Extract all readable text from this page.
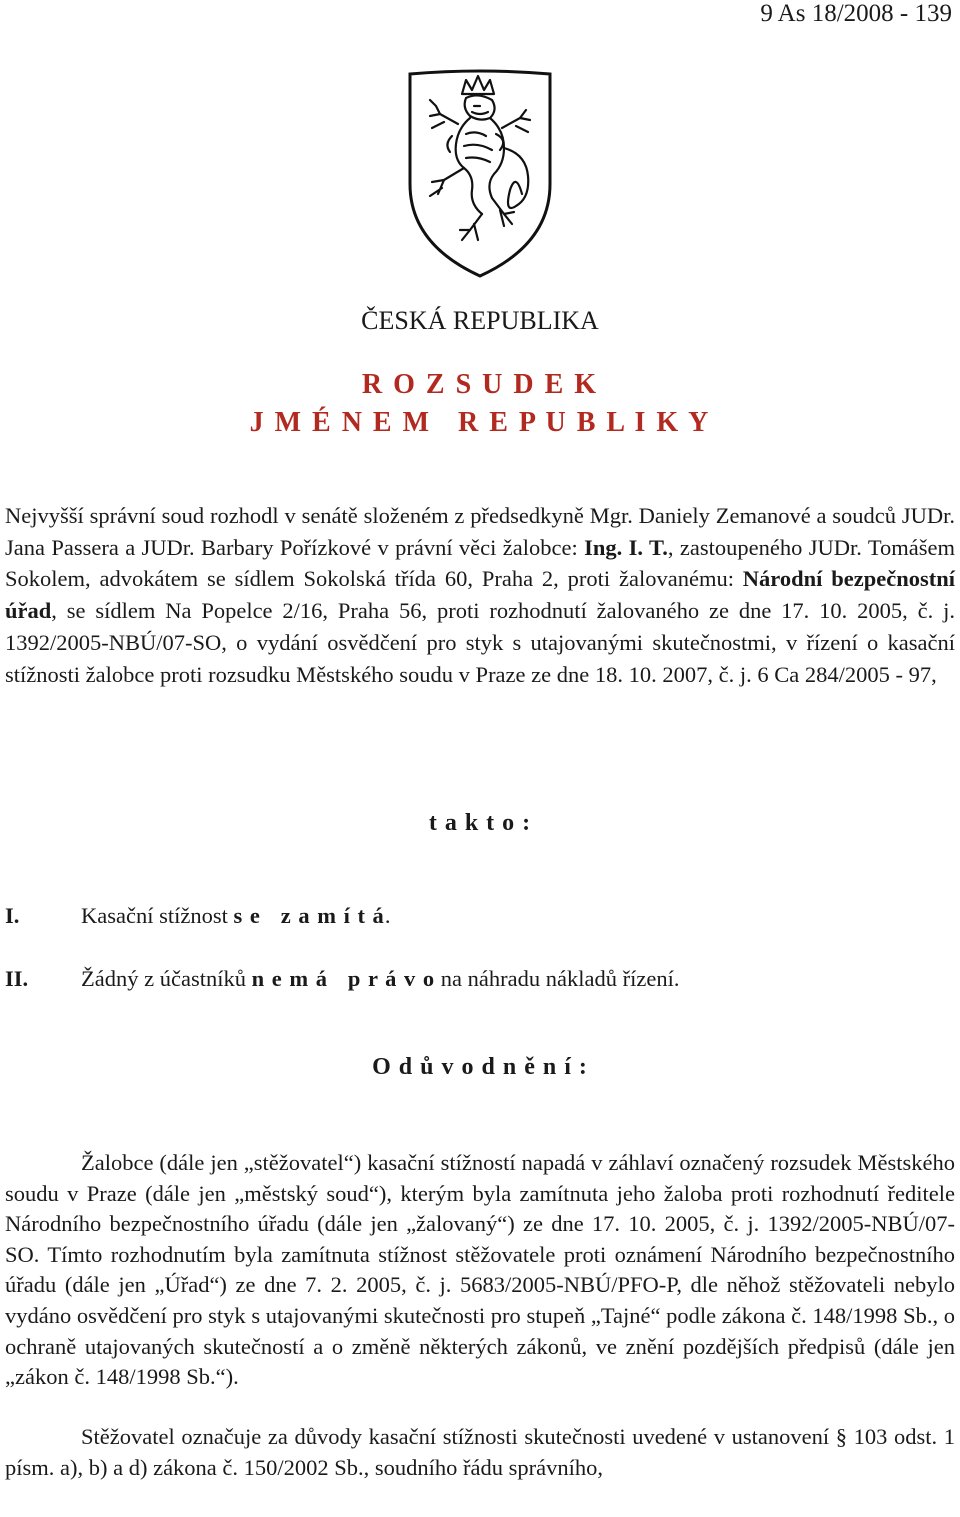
9 As 18/2008 - 139
ČESKÁ REPUBLIKA
R O Z S U D E K
J M É N E M   R E P U B L I K Y
Nejvyšší správní soud rozhodl v senátě složeném z předsedkyně Mgr. Daniely Zemanové a soudců JUDr. Jana Passera a JUDr. Barbary Pořízkové v právní věci žalobce: Ing. I. T., zastoupeného JUDr. Tomášem Sokolem, advokátem se sídlem Sokolská třída 60, Praha 2, proti žalovanému: Národní bezpečnostní úřad, se sídlem Na Popelce 2/16, Praha 56, proti rozhodnutí žalovaného ze dne 17. 10. 2005, č. j. 1392/2005-NBÚ/07-SO, o vydání osvědčení pro styk s utajovanými skutečnostmi, v řízení o kasační stížnosti žalobce proti rozsudku Městského soudu v Praze ze dne 18. 10. 2007, č. j. 6 Ca 284/2005 - 97,
t a k t o :
I.	Kasační stížnost s e   z a m í t á.
II. Žádný z účastníků n e m á   p r á v o na náhradu nákladů řízení.
O d ů v o d n ě n í :
Žalobce (dále jen „stěžovatel“) kasační stížností napadá v záhlaví označený rozsudek Městského soudu v Praze (dále jen „městský soud“), kterým byla zamítnuta jeho žaloba proti rozhodnutí ředitele Národního bezpečnostního úřadu (dále jen „žalovaný“) ze dne 17. 10. 2005, č. j. 1392/2005-NBÚ/07-SO. Tímto rozhodnutím byla zamítnuta stížnost stěžovatele proti oznámení Národního bezpečnostního úřadu (dále jen „Úřad“) ze dne 7. 2. 2005, č. j. 5683/2005-NBÚ/PFO-P, dle něhož stěžovateli nebylo vydáno osvědčení pro styk s utajovanými skutečnosti pro stupeň „Tajné“ podle zákona č. 148/1998 Sb., o ochraně utajovaných skutečností a o změně některých zákonů, ve znění pozdějších předpisů (dále jen „zákon č. 148/1998 Sb.“).
Stěžovatel označuje za důvody kasační stížnosti skutečnosti uvedené v ustanovení § 103 odst. 1 písm. a), b) a d) zákona č. 150/2002 Sb., soudního řádu správního,
